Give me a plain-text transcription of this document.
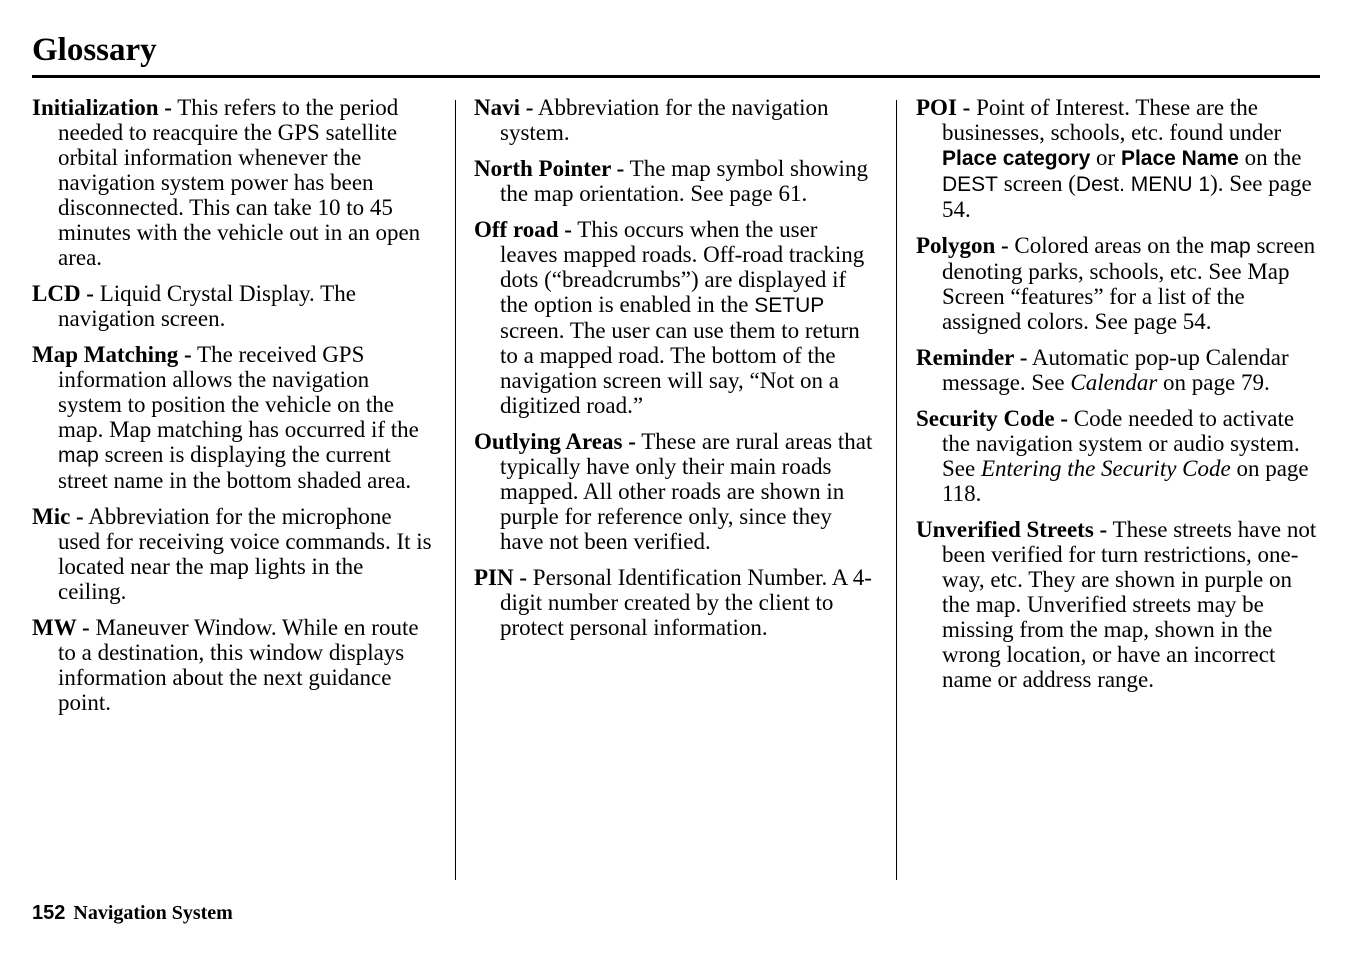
Glossary

Initialization - This refers to the period needed to reacquire the GPS satellite orbital information whenever the navigation system power has been disconnected. This can take 10 to 45 minutes with the vehicle out in an open area.

LCD - Liquid Crystal Display. The navigation screen.

Map Matching - The received GPS information allows the navigation system to position the vehicle on the map. Map matching has occurred if the map screen is displaying the current street name in the bottom shaded area.

Mic - Abbreviation for the microphone used for receiving voice commands. It is located near the map lights in the ceiling.

MW - Maneuver Window. While en route to a destination, this window displays information about the next guidance point.

Navi - Abbreviation for the navigation system.

North Pointer - The map symbol showing the map orientation. See page 61.

Off road - This occurs when the user leaves mapped roads. Off-road tracking dots (“breadcrumbs”) are displayed if the option is enabled in the SETUP screen. The user can use them to return to a mapped road. The bottom of the navigation screen will say, “Not on a digitized road.”

Outlying Areas - These are rural areas that typically have only their main roads mapped. All other roads are shown in purple for reference only, since they have not been verified.

PIN - Personal Identification Number. A 4-digit number created by the client to protect personal information.

POI - Point of Interest. These are the businesses, schools, etc. found under Place category or Place Name on the DEST screen (Dest. MENU 1). See page 54.

Polygon - Colored areas on the map screen denoting parks, schools, etc. See Map Screen “features” for a list of the assigned colors. See page 54.

Reminder - Automatic pop-up Calendar message. See Calendar on page 79.

Security Code - Code needed to activate the navigation system or audio system. See Entering the Security Code on page 118.

Unverified Streets - These streets have not been verified for turn restrictions, one-way, etc. They are shown in purple on the map. Unverified streets may be missing from the map, shown in the wrong location, or have an incorrect name or address range.

152 Navigation System
